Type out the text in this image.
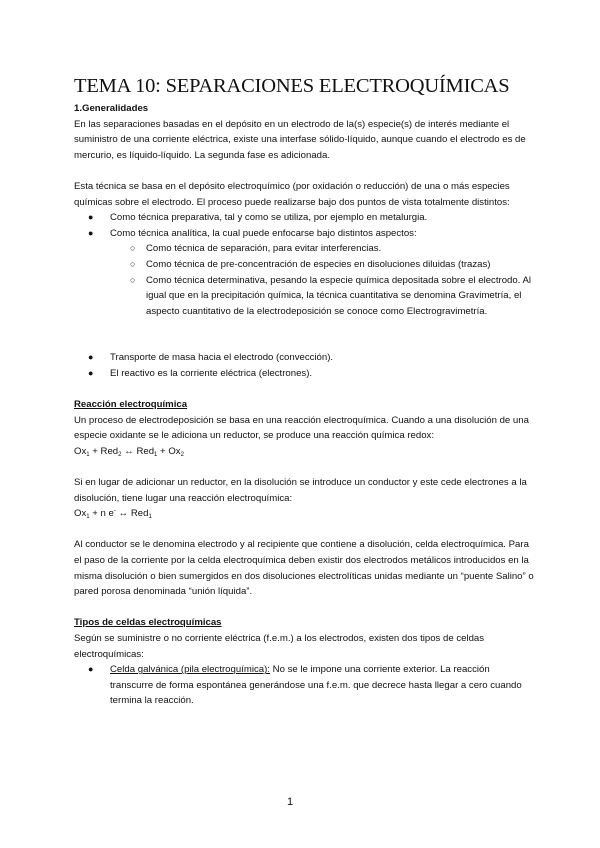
TEMA 10: SEPARACIONES ELECTROQUÍMICAS

1.Generalidades

En las separaciones basadas en el depósito en un electrodo de la(s) especie(s) de interés mediante el suministro de una corriente eléctrica, existe una interfase sólido-líquido, aunque cuando el electrodo es de mercurio, es líquido-líquido. La segunda fase es adicionada.

Esta técnica se basa en el depósito electroquímico (por oxidación o reducción) de una o más especies químicas sobre el electrodo. El proceso puede realizarse bajo dos puntos de vista totalmente distintos:

● Como técnica preparativa, tal y como se utiliza, por ejemplo en metalurgia.
● Como técnica analítica, la cual puede enfocarse bajo distintos aspectos:
○ Como técnica de separación, para evitar interferencias.
○ Como técnica de pre-concentración de especies en disoluciones diluidas (trazas)
○ Como técnica determinativa, pesando la especie química depositada sobre el electrodo. Al igual que en la precipitación química, la técnica cuantitativa se denomina Gravimetría, el aspecto cuantitativo de la electrodeposición se conoce como Electrogravimetría.
● Transporte de masa hacia el electrodo (convección).
● El reactivo es la corriente eléctrica (electrones).

Reacción electroquímica

Un proceso de electrodeposición se basa en una reacción electroquímica. Cuando a una disolución de una especie oxidante se le adiciona un reductor, se produce una reacción química redox:

$Ox_1 + Red_2$ ↔ $Red_1 + Ox_2$

Si en lugar de adicionar un reductor, en la disolución se introduce un conductor y este cede electrones a la disolución, tiene lugar una reacción electroquímica:

$Ox_1 + n$ e- ↔ Red$_1$

Al conductor se le denomina electrodo y al recipiente que contiene a disolución, celda electroquímica. Para el paso de la corriente por la celda electroquímica deben existir dos electrodos metálicos introducidos en la misma disolución o bien sumergidos en dos disoluciones electrolíticas unidas mediante un “puente Salino” o pared porosa denominada “unión líquida”.

Tipos de celdas electroquímicas

Según se suministre o no corriente eléctrica (f.e.m.) a los electrodos, existen dos tipos de celdas electroquímicas:

● Celda galvánica (pila electroquímica): No se le impone una corriente exterior. La reacción transcurre de forma espontánea generándose una f.e.m. que decrece hasta llegar a cero cuando termina la reacción.
1
